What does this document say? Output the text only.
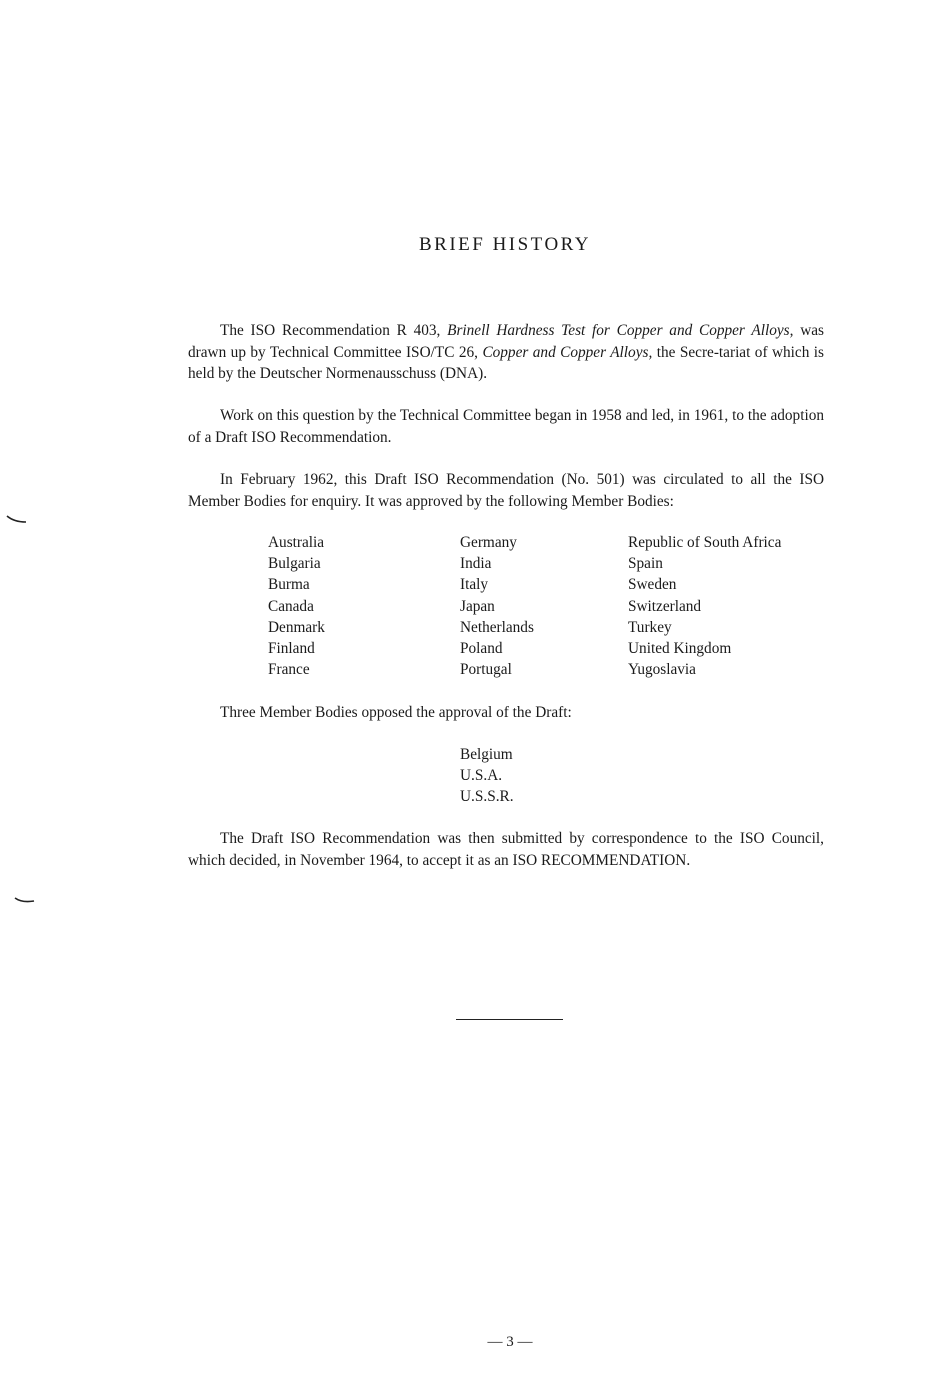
BRIEF HISTORY
The ISO Recommendation R 403, Brinell Hardness Test for Copper and Copper Alloys, was drawn up by Technical Committee ISO/TC 26, Copper and Copper Alloys, the Secre-tariat of which is held by the Deutscher Normenausschuss (DNA).
Work on this question by the Technical Committee began in 1958 and led, in 1961, to the adoption of a Draft ISO Recommendation.
In February 1962, this Draft ISO Recommendation (No. 501) was circulated to all the ISO Member Bodies for enquiry. It was approved by the following Member Bodies:
Australia
Bulgaria
Burma
Canada
Denmark
Finland
France
Germany
India
Italy
Japan
Netherlands
Poland
Portugal
Republic of South Africa
Spain
Sweden
Switzerland
Turkey
United Kingdom
Yugoslavia
Three Member Bodies opposed the approval of the Draft:
Belgium
U.S.A.
U.S.S.R.
The Draft ISO Recommendation was then submitted by correspondence to the ISO Council, which decided, in November 1964, to accept it as an ISO RECOMMENDATION.
— 3 —
